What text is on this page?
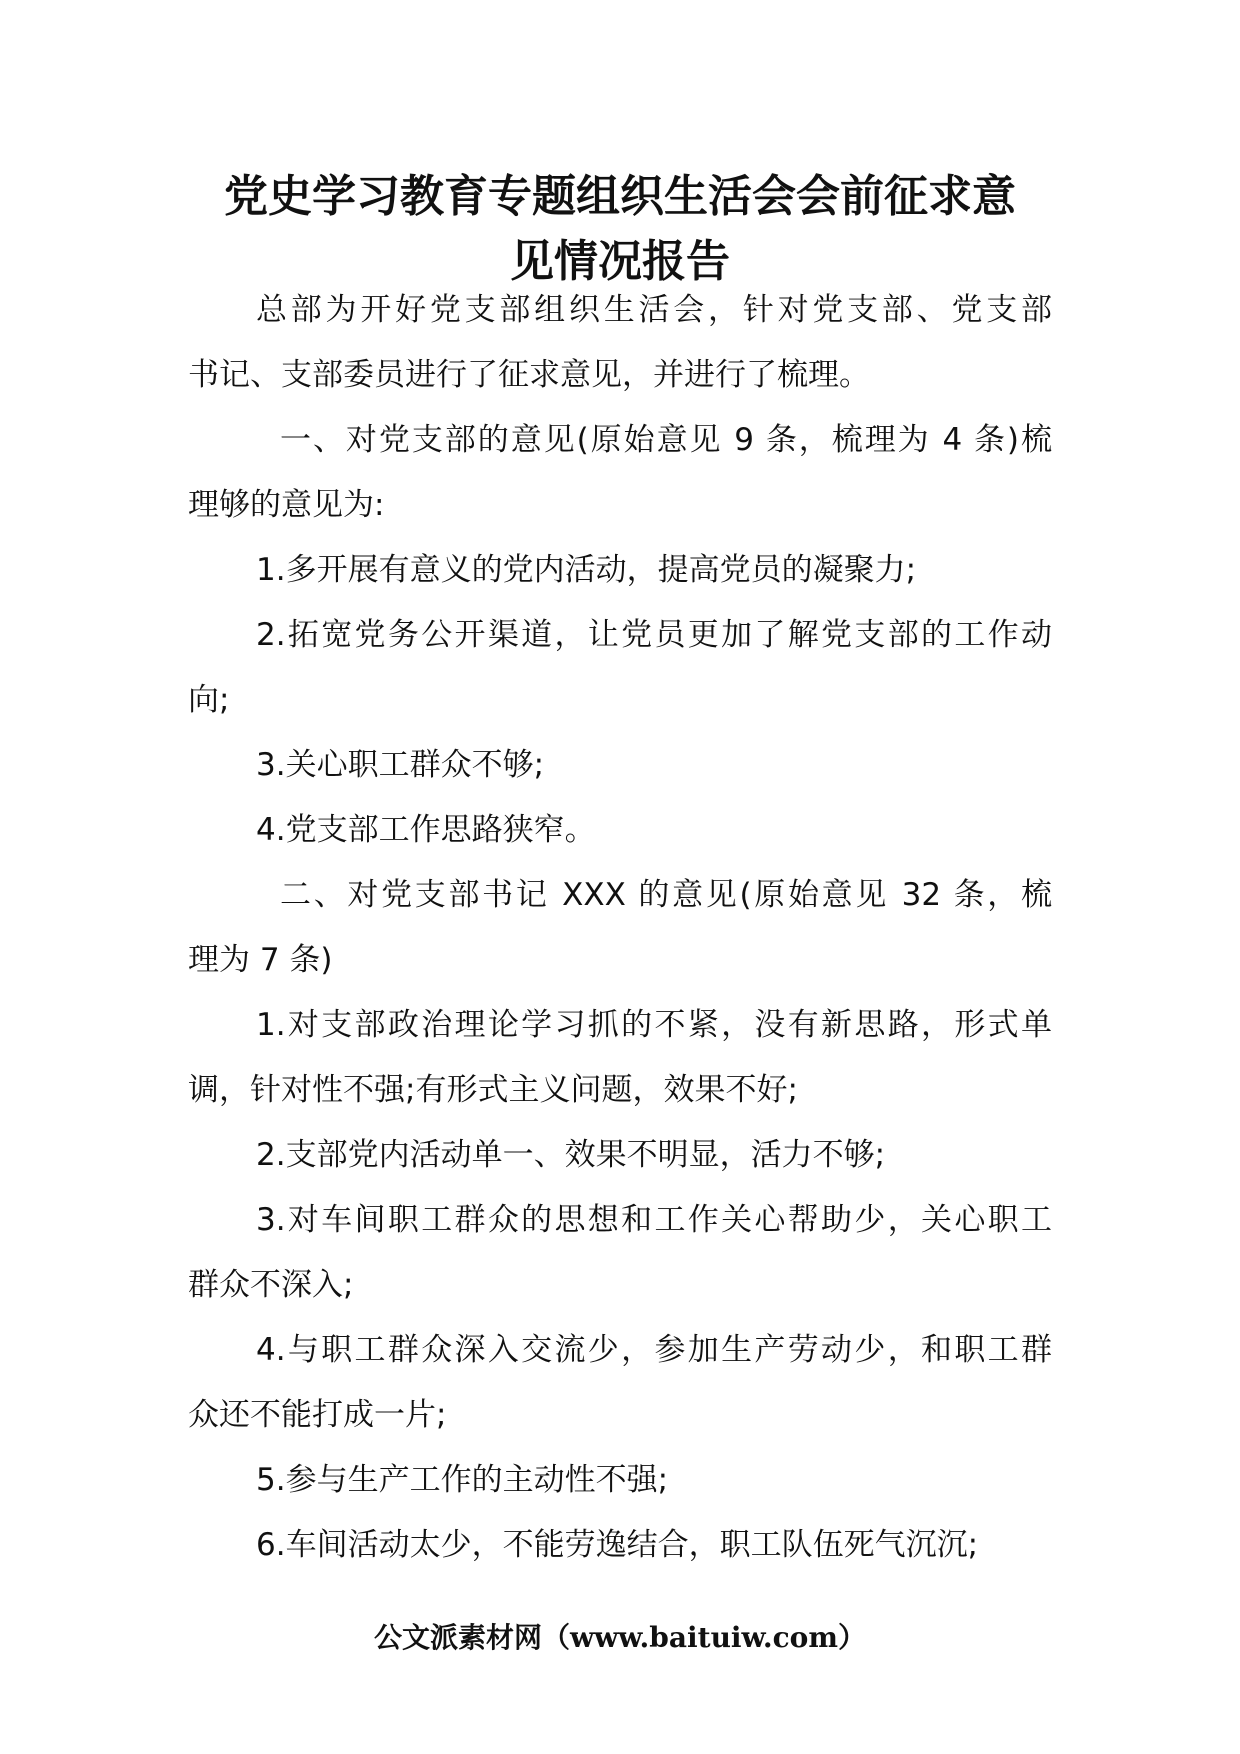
党史学习教育专题组织生活会会前征求意
见情况报告

总部为开好党支部组织生活会，针对党支部、党支部

书记、支部委员进行了征求意见，并进行了梳理。

一、对党支部的意见(原始意见 9 条，梳理为 4 条)梳

理够的意见为:

1.多开展有意义的党内活动，提高党员的凝聚力;

2.拓宽党务公开渠道，让党员更加了解党支部的工作动

向;

3.关心职工群众不够;

4.党支部工作思路狭窄。

二、对党支部书记 XXX 的意见(原始意见 32 条，梳

理为 7 条)

1.对支部政治理论学习抓的不紧，没有新思路，形式单

调，针对性不强;有形式主义问题，效果不好;

2.支部党内活动单一、效果不明显，活力不够;

3.对车间职工群众的思想和工作关心帮助少，关心职工

群众不深入;

4.与职工群众深入交流少，参加生产劳动少，和职工群

众还不能打成一片;

5.参与生产工作的主动性不强;

6.车间活动太少，不能劳逸结合，职工队伍死气沉沉;

公文派素材网（www.baituiw.com）
